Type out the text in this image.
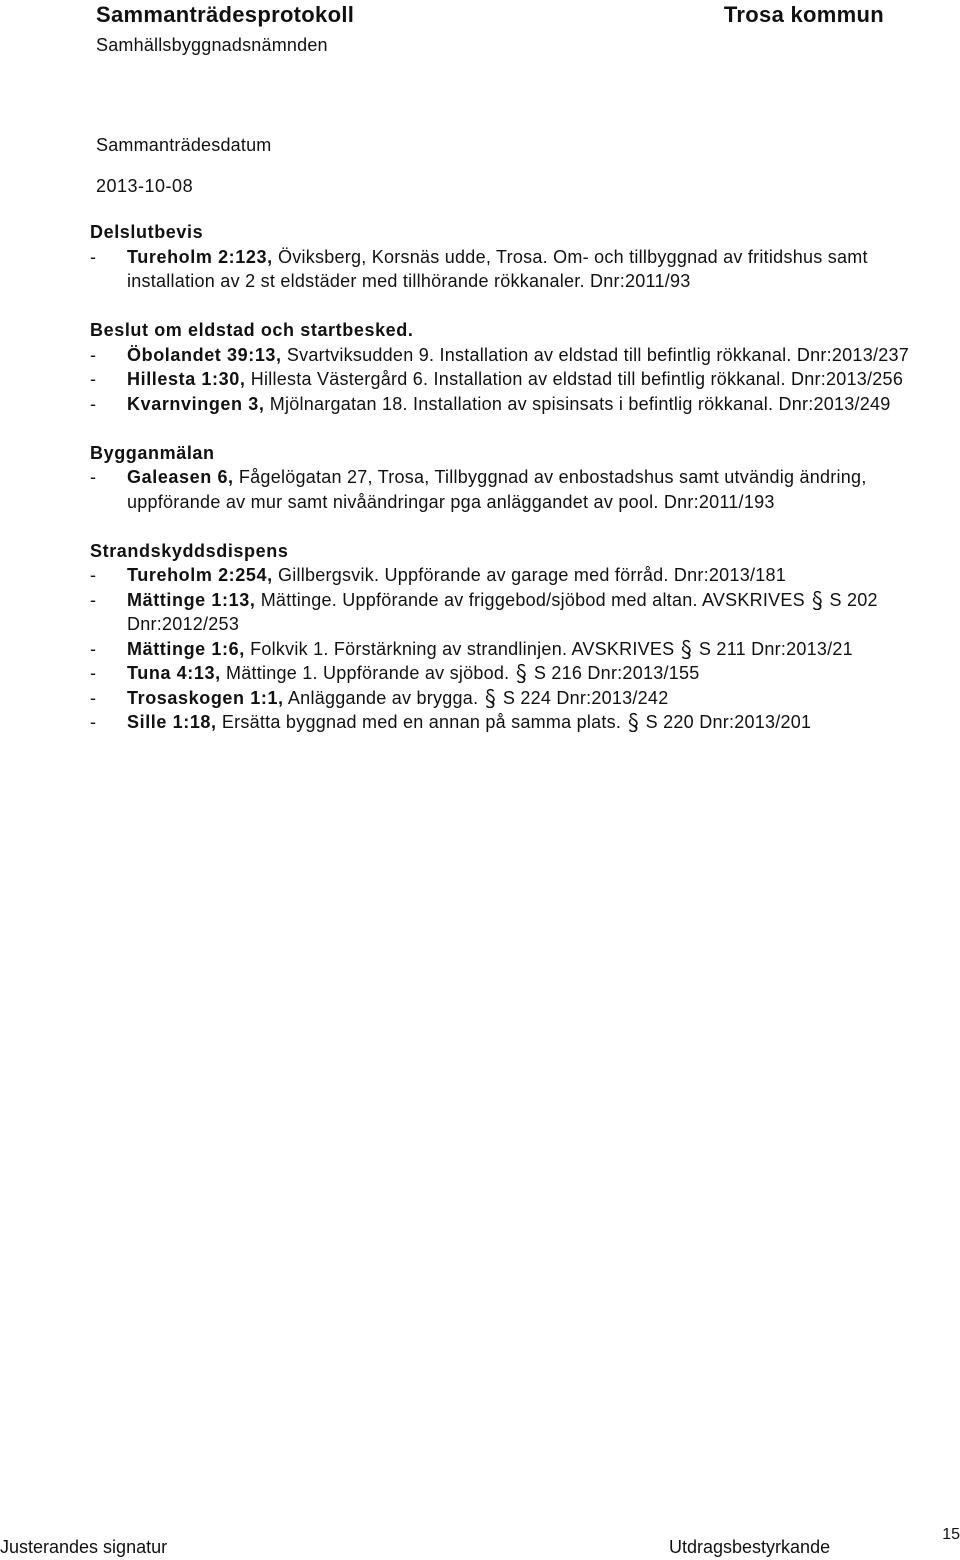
Sammanträdesprotokoll
Samhällsbyggnadsnämnden
Trosa kommun
Sammanträdesdatum
2013-10-08
Delslutbevis
- Tureholm 2:123, Öviksberg, Korsnäs udde, Trosa. Om- och tillbyggnad av fritidshus samt installation av 2 st eldstäder med tillhörande rökkanaler. Dnr:2011/93
Beslut om eldstad och startbesked.
- Öbolandet 39:13, Svartviksudden 9. Installation av eldstad till befintlig rökkanal. Dnr:2013/237
- Hillesta 1:30, Hillesta Västergård 6. Installation av eldstad till befintlig rökkanal. Dnr:2013/256
- Kvarnvingen 3, Mjölnargatan 18. Installation av spisinsats i befintlig rökkanal. Dnr:2013/249
Bygganmälan
- Galeasen 6, Fågelögatan 27, Trosa, Tillbyggnad av enbostadshus samt utvändig ändring, uppförande av mur samt nivåändringar pga anläggandet av pool. Dnr:2011/193
Strandskyddsdispens
- Tureholm 2:254, Gillbergsvik. Uppförande av garage med förråd. Dnr:2013/181
- Mättinge 1:13, Mättinge. Uppförande av friggebod/sjöbod med altan. AVSKRIVES  S 202 Dnr:2012/253
- Mättinge 1:6, Folkvik 1. Förstärkning av strandlinjen. AVSKRIVES  S 211 Dnr:2013/21
- Tuna 4:13, Mättinge 1. Uppförande av sjöbod.  S 216 Dnr:2013/155
- Trosaskogen 1:1, Anläggande av brygga.  S 224 Dnr:2013/242
- Sille 1:18, Ersätta byggnad med en annan på samma plats.  S 220 Dnr:2013/201
Justerandes signatur	Utdragsbestyrkande
15
